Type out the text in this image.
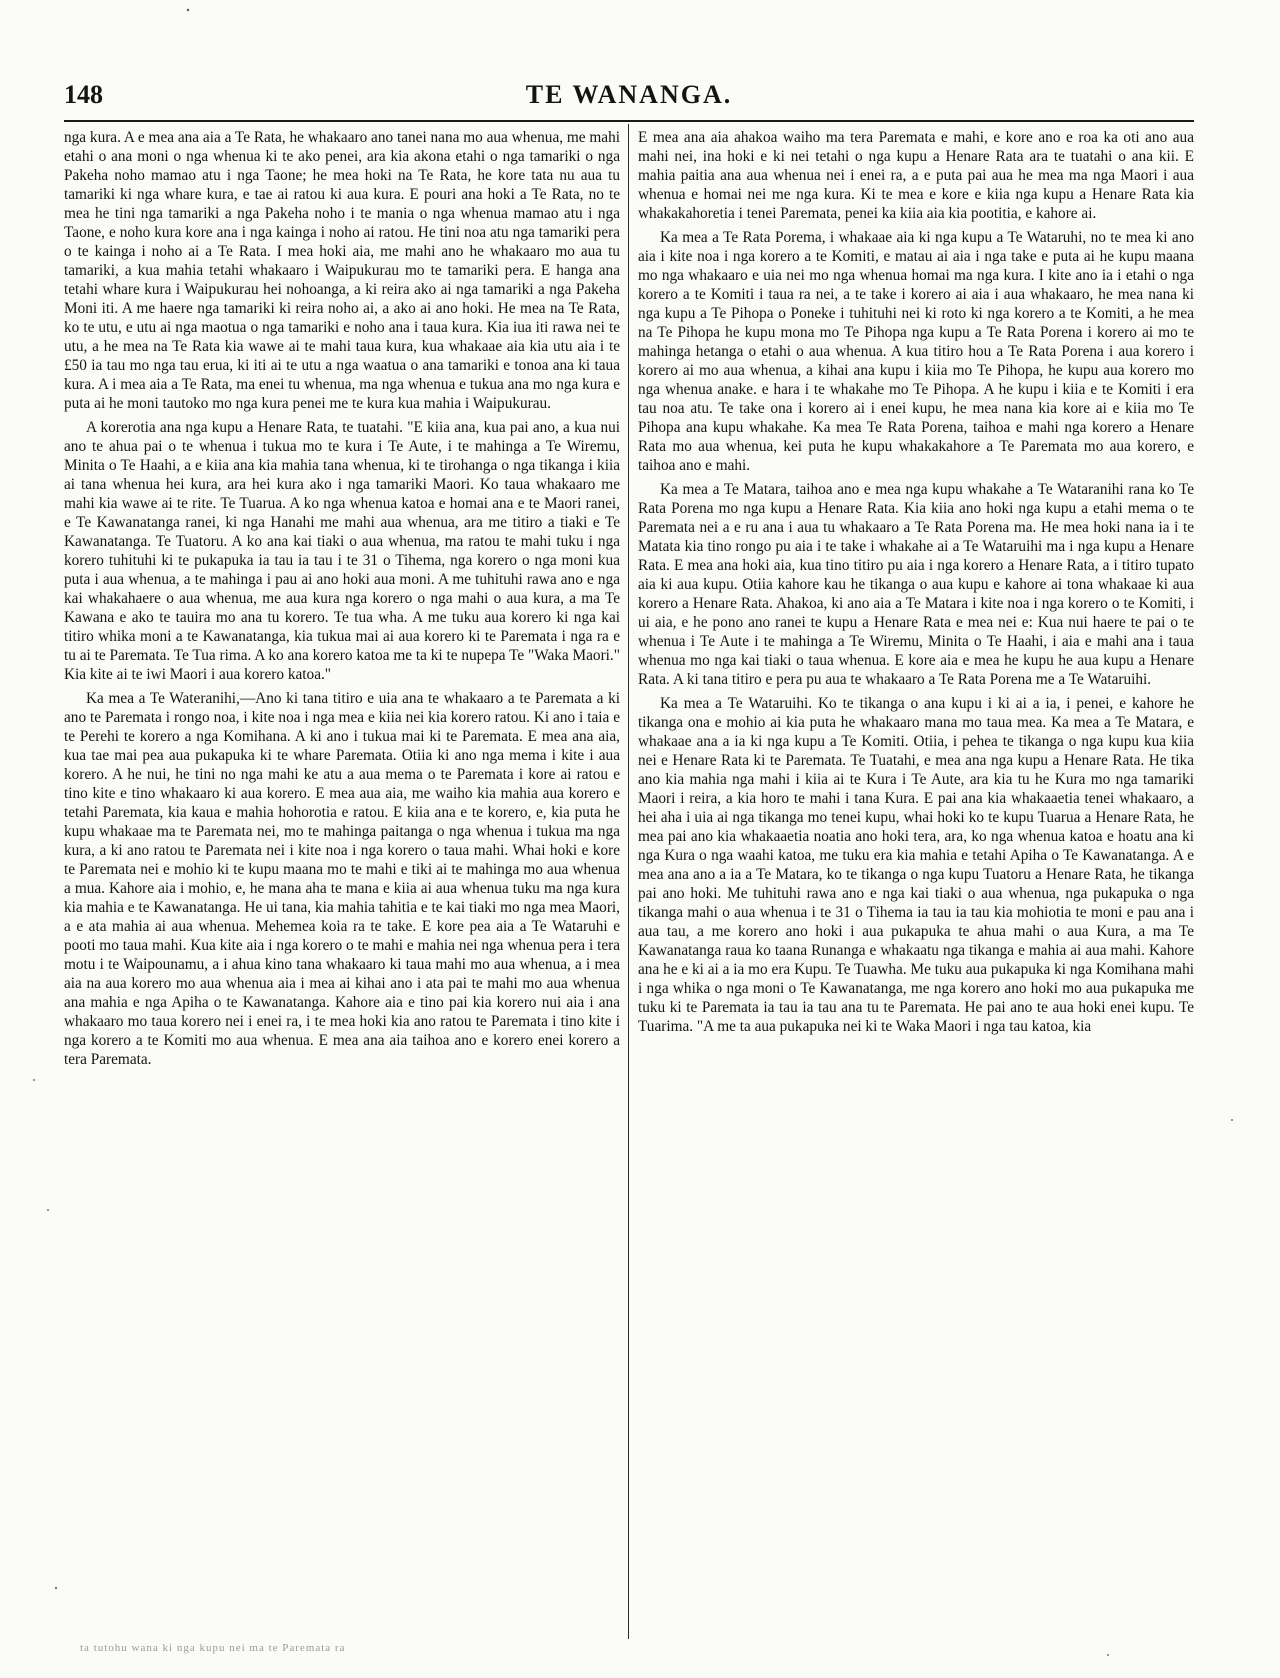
148	TE WANANGA.

nga kura. A e mea ana aia a Te Rata, he whakaaro ano tanei nana mo aua whenua, me mahi etahi o ana moni o nga whenua ki te ako penei, ara kia akona etahi o nga tamariki o nga Pakeha noho mamao atu i nga Taone; he mea hoki na Te Rata, he kore tata nu aua tu tamariki ki nga whare kura, e tae ai ratou ki aua kura. E pouri ana hoki a Te Rata, no te mea he tini nga tamariki a nga Pakeha noho i te mania o nga whenua mamao atu i nga Taone, e noho kura kore ana i nga kainga i noho ai ratou. He tini noa atu nga tamariki pera o te kainga i noho ai a Te Rata. I mea hoki aia, me mahi ano he whakaaro mo aua tu tamariki, a kua mahia tetahi whakaaro i Waipukurau mo te tamariki pera. E hanga ana tetahi whare kura i Waipukurau hei nohoanga, a ki reira ako ai nga tamariki a nga Pakeha Moni iti. A me haere nga tamariki ki reira noho ai, a ako ai ano hoki. He mea na Te Rata, ko te utu, e utu ai nga maotua o nga tamariki e noho ana i taua kura. Kia iua iti rawa nei te utu, a he mea na Te Rata kia wawe ai te mahi taua kura, kua whakaae aia kia utu aia i te £50 ia tau mo nga tau erua, ki iti ai te utu a nga waatua o ana tamariki e tonoa ana ki taua kura. A i mea aia a Te Rata, ma enei tu whenua, ma nga whenua e tukua ana mo nga kura e puta ai he moni tautoko mo nga kura penei me te kura kua mahia i Waipukurau.

A korerotia ana nga kupu a Henare Rata, te tuatahi. "E kiia ana, kua pai ano, a kua nui ano te ahua pai o te whenua i tukua mo te kura i Te Aute, i te mahinga a Te Wiremu, Minita o Te Haahi, a e kiia ana kia mahia tana whenua, ki te tirohanga o nga tikanga i kiia ai tana whenua hei kura, ara hei kura ako i nga tamariki Maori. Ko taua whakaaro me mahi kia wawe ai te rite. Te Tuarua. A ko nga whenua katoa e homai ana e te Maori ranei, e Te Kawanatanga ranei, ki nga Hanahi me mahi aua whenua, ara me titiro a tiaki e Te Kawanatanga. Te Tuatoru. A ko ana kai tiaki o aua whenua, ma ratou te mahi tuku i nga korero tuhituhi ki te pukapuka ia tau ia tau i te 31 o Tihema, nga korero o nga moni kua puta i aua whenua, a te mahinga i pau ai ano hoki aua moni. A me tuhituhi rawa ano e nga kai whakahaere o aua whenua, me aua kura nga korero o nga mahi o aua kura, a ma Te Kawana e ako te tauira mo ana tu korero. Te tua wha. A me tuku aua korero ki nga kai titiro whika moni a te Kawanatanga, kia tukua mai ai aua korero ki te Paremata i nga ra e tu ai te Paremata. Te Tua rima. A ko ana korero katoa me ta ki te nupepa Te "Waka Maori." Kia kite ai te iwi Maori i aua korero katoa."

Ka mea a Te Wateranihi,—Ano ki tana titiro e uia ana te whakaaro a te Paremata a ki ano te Paremata i rongo noa, i kite noa i nga mea e kiia nei kia korero ratou. Ki ano i taia e te Perehi te korero a nga Komihana. A ki ano i tukua mai ki te Paremata. E mea ana aia, kua tae mai pea aua pukapuka ki te whare Paremata. Otiia ki ano nga mema i kite i aua korero. A he nui, he tini no nga mahi ke atu a aua mema o te Paremata i kore ai ratou e tino kite e tino whakaaro ki aua korero. E mea aua aia, me waiho kia mahia aua korero e tetahi Paremata, kia kaua e mahia hohorotia e ratou. E kiia ana e te korero, e, kia puta he kupu whakaae ma te Paremata nei, mo te mahinga paitanga o nga whenua i tukua ma nga kura, a ki ano ratou te Paremata nei i kite noa i nga korero o taua mahi. Whai hoki e kore te Paremata nei e mohio ki te kupu maana mo te mahi e tiki ai te mahinga mo aua whenua a mua. Kahore aia i mohio, e, he mana aha te mana e kiia ai aua whenua tuku ma nga kura kia mahia e te Kawanatanga. He ui tana, kia mahia tahitia e te kai tiaki mo nga mea Maori, a e ata mahia ai aua whenua. Mehemea koia ra te take. E kore pea aia a Te Wataruhi e pooti mo taua mahi. Kua kite aia i nga korero o te mahi e mahia nei nga whenua pera i tera motu i te Waipounamu, a i ahua kino tana whakaaro ki taua mahi mo aua whenua, a i mea aia na aua korero mo aua whenua aia i mea ai kihai ano i ata pai te mahi mo aua whenua ana mahia e nga Apiha o te Kawanatanga. Kahore aia e tino pai kia korero nui aia i ana whakaaro mo taua korero nei i enei ra, i te mea hoki kia ano ratou te Paremata i tino kite i nga korero a te Komiti mo aua whenua. E mea ana aia taihoa ano e korero enei korero a tera Paremata.

E mea ana aia ahakoa waiho ma tera Paremata e mahi, e kore ano e roa ka oti ano aua mahi nei, ina hoki e ki nei tetahi o nga kupu a Henare Rata ara te tuatahi o ana kii. E mahia paitia ana aua whenua nei i enei ra, a e puta pai aua he mea ma nga Maori i aua whenua e homai nei me nga kura. Ki te mea e kore e kiia nga kupu a Henare Rata kia whakakahoretia i tenei Paremata, penei ka kiia aia kia pootitia, e kahore ai.

Ka mea a Te Rata Porema, i whakaae aia ki nga kupu a Te Wataruhi, no te mea ki ano aia i kite noa i nga korero a te Komiti, e matau ai aia i nga take e puta ai he kupu maana mo nga whakaaro e uia nei mo nga whenua homai ma nga kura. I kite ano ia i etahi o nga korero a te Komiti i taua ra nei, a te take i korero ai aia i aua whakaaro, he mea nana ki nga kupu a Te Pihopa o Poneke i tuhituhi nei ki roto ki nga korero a te Komiti, a he mea na Te Pihopa he kupu mona mo Te Pihopa nga kupu a Te Rata Porena i korero ai mo te mahinga hetanga o etahi o aua whenua. A kua titiro hou a Te Rata Porena i aua korero i korero ai mo aua whenua, a kihai ana kupu i kiia mo Te Pihopa, he kupu aua korero mo nga whenua anake. e hara i te whakahe mo Te Pihopa. A he kupu i kiia e te Komiti i era tau noa atu. Te take ona i korero ai i enei kupu, he mea nana kia kore ai e kiia mo Te Pihopa ana kupu whakahe. Ka mea Te Rata Porena, taihoa e mahi nga korero a Henare Rata mo aua whenua, kei puta he kupu whakakahore a Te Paremata mo aua korero, e taihoa ano e mahi.

Ka mea a Te Matara, taihoa ano e mea nga kupu whakahe a Te Wataranihi rana ko Te Rata Porena mo nga kupu a Henare Rata. Kia kiia ano hoki nga kupu a etahi mema o te Paremata nei a e ru ana i aua tu whakaaro a Te Rata Porena ma. He mea hoki nana ia i te Matata kia tino rongo pu aia i te take i whakahe ai a Te Wataruihi ma i nga kupu a Henare Rata. E mea ana hoki aia, kua tino titiro pu aia i nga korero a Henare Rata, a i titiro tupato aia ki aua kupu. Otiia kahore kau he tikanga o aua kupu e kahore ai tona whakaae ki aua korero a Henare Rata. Ahakoa, ki ano aia a Te Matara i kite noa i nga korero o te Komiti, i ui aia, e he pono ano ranei te kupu a Henare Rata e mea nei e: Kua nui haere te pai o te whenua i Te Aute i te mahinga a Te Wiremu, Minita o Te Haahi, i aia e mahi ana i taua whenua mo nga kai tiaki o taua whenua. E kore aia e mea he kupu he aua kupu a Henare Rata. A ki tana titiro e pera pu aua te whakaaro a Te Rata Porena me a Te Wataruihi.

Ka mea a Te Wataruihi. Ko te tikanga o ana kupu i ki ai a ia, i penei, e kahore he tikanga ona e mohio ai kia puta he whakaaro mana mo taua mea. Ka mea a Te Matara, e whakaae ana a ia ki nga kupu a Te Komiti. Otiia, i pehea te tikanga o nga kupu kua kiia nei e Henare Rata ki te Paremata. Te Tuatahi, e mea ana nga kupu a Henare Rata. He tika ano kia mahia nga mahi i kiia ai te Kura i Te Aute, ara kia tu he Kura mo nga tamariki Maori i reira, a kia horo te mahi i tana Kura. E pai ana kia whakaaetia tenei whakaaro, a hei aha i uia ai nga tikanga mo tenei kupu, whai hoki ko te kupu Tuarua a Henare Rata, he mea pai ano kia whakaaetia noatia ano hoki tera, ara, ko nga whenua katoa e hoatu ana ki nga Kura o nga waahi katoa, me tuku era kia mahia e tetahi Apiha o Te Kawanatanga. A e mea ana ano a ia a Te Matara, ko te tikanga o nga kupu Tuatoru a Henare Rata, he tikanga pai ano hoki. Me tuhituhi rawa ano e nga kai tiaki o aua whenua, nga pukapuka o nga tikanga mahi o aua whenua i te 31 o Tihema ia tau ia tau kia mohiotia te moni e pau ana i aua tau, a me korero ano hoki i aua pukapuka te ahua mahi o aua Kura, a ma Te Kawanatanga raua ko taana Runanga e whakaatu nga tikanga e mahia ai aua mahi. Kahore ana he e ki ai a ia mo era Kupu. Te Tuawha. Me tuku aua pukapuka ki nga Komihana mahi i nga whika o nga moni o Te Kawanatanga, me nga korero ano hoki mo aua pukapuka me tuku ki te Paremata ia tau ia tau ana tu te Paremata. He pai ano te aua hoki enei kupu. Te Tuarima. "A me ta aua pukapuka nei ki te Waka Maori i nga tau katoa, kia

ta tutohu wana ki nga kupu nei ma te Paremata ra
